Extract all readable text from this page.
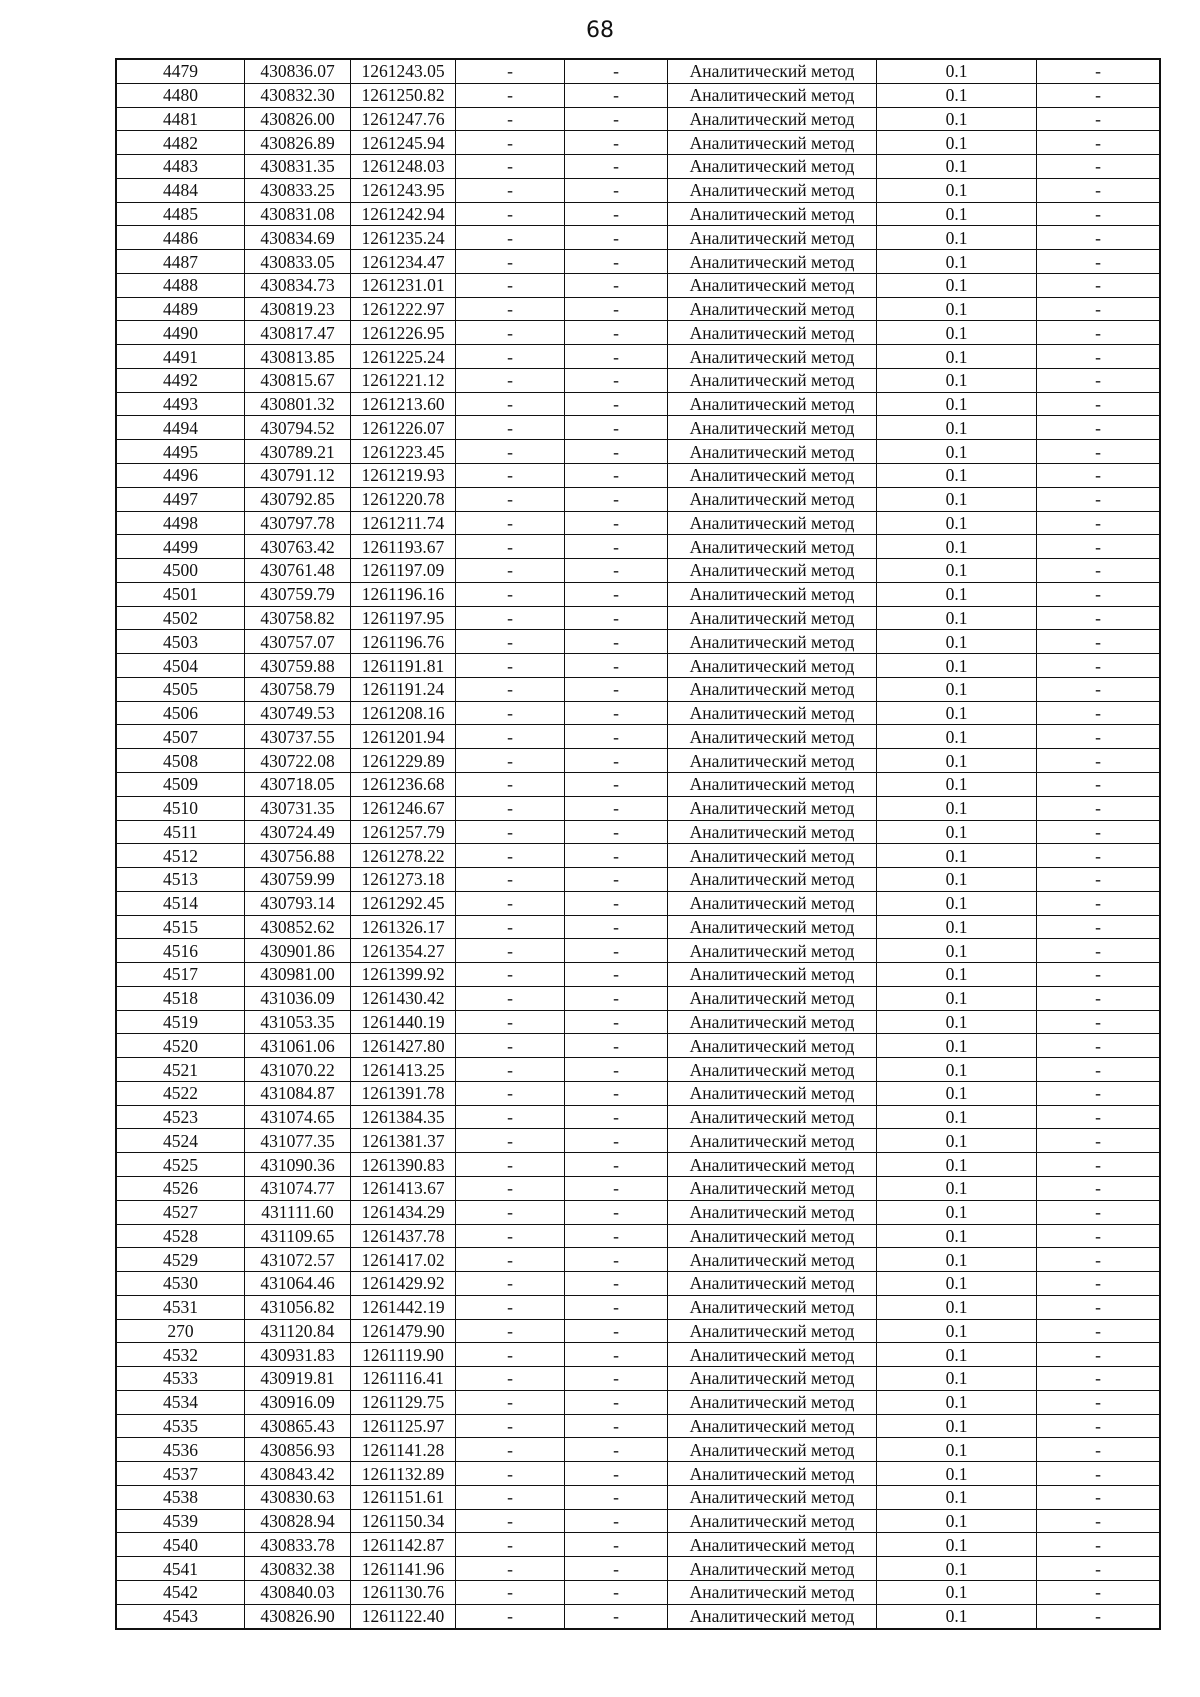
68
4479	430836.07	1261243.05	-	-	Аналитический метод	0.1	-
4480	430832.30	1261250.82	-	-	Аналитический метод	0.1	-
4481	430826.00	1261247.76	-	-	Аналитический метод	0.1	-
4482	430826.89	1261245.94	-	-	Аналитический метод	0.1	-
4483	430831.35	1261248.03	-	-	Аналитический метод	0.1	-
4484	430833.25	1261243.95	-	-	Аналитический метод	0.1	-
4485	430831.08	1261242.94	-	-	Аналитический метод	0.1	-
4486	430834.69	1261235.24	-	-	Аналитический метод	0.1	-
4487	430833.05	1261234.47	-	-	Аналитический метод	0.1	-
4488	430834.73	1261231.01	-	-	Аналитический метод	0.1	-
4489	430819.23	1261222.97	-	-	Аналитический метод	0.1	-
4490	430817.47	1261226.95	-	-	Аналитический метод	0.1	-
4491	430813.85	1261225.24	-	-	Аналитический метод	0.1	-
4492	430815.67	1261221.12	-	-	Аналитический метод	0.1	-
4493	430801.32	1261213.60	-	-	Аналитический метод	0.1	-
4494	430794.52	1261226.07	-	-	Аналитический метод	0.1	-
4495	430789.21	1261223.45	-	-	Аналитический метод	0.1	-
4496	430791.12	1261219.93	-	-	Аналитический метод	0.1	-
4497	430792.85	1261220.78	-	-	Аналитический метод	0.1	-
4498	430797.78	1261211.74	-	-	Аналитический метод	0.1	-
4499	430763.42	1261193.67	-	-	Аналитический метод	0.1	-
4500	430761.48	1261197.09	-	-	Аналитический метод	0.1	-
4501	430759.79	1261196.16	-	-	Аналитический метод	0.1	-
4502	430758.82	1261197.95	-	-	Аналитический метод	0.1	-
4503	430757.07	1261196.76	-	-	Аналитический метод	0.1	-
4504	430759.88	1261191.81	-	-	Аналитический метод	0.1	-
4505	430758.79	1261191.24	-	-	Аналитический метод	0.1	-
4506	430749.53	1261208.16	-	-	Аналитический метод	0.1	-
4507	430737.55	1261201.94	-	-	Аналитический метод	0.1	-
4508	430722.08	1261229.89	-	-	Аналитический метод	0.1	-
4509	430718.05	1261236.68	-	-	Аналитический метод	0.1	-
4510	430731.35	1261246.67	-	-	Аналитический метод	0.1	-
4511	430724.49	1261257.79	-	-	Аналитический метод	0.1	-
4512	430756.88	1261278.22	-	-	Аналитический метод	0.1	-
4513	430759.99	1261273.18	-	-	Аналитический метод	0.1	-
4514	430793.14	1261292.45	-	-	Аналитический метод	0.1	-
4515	430852.62	1261326.17	-	-	Аналитический метод	0.1	-
4516	430901.86	1261354.27	-	-	Аналитический метод	0.1	-
4517	430981.00	1261399.92	-	-	Аналитический метод	0.1	-
4518	431036.09	1261430.42	-	-	Аналитический метод	0.1	-
4519	431053.35	1261440.19	-	-	Аналитический метод	0.1	-
4520	431061.06	1261427.80	-	-	Аналитический метод	0.1	-
4521	431070.22	1261413.25	-	-	Аналитический метод	0.1	-
4522	431084.87	1261391.78	-	-	Аналитический метод	0.1	-
4523	431074.65	1261384.35	-	-	Аналитический метод	0.1	-
4524	431077.35	1261381.37	-	-	Аналитический метод	0.1	-
4525	431090.36	1261390.83	-	-	Аналитический метод	0.1	-
4526	431074.77	1261413.67	-	-	Аналитический метод	0.1	-
4527	431111.60	1261434.29	-	-	Аналитический метод	0.1	-
4528	431109.65	1261437.78	-	-	Аналитический метод	0.1	-
4529	431072.57	1261417.02	-	-	Аналитический метод	0.1	-
4530	431064.46	1261429.92	-	-	Аналитический метод	0.1	-
4531	431056.82	1261442.19	-	-	Аналитический метод	0.1	-
270	431120.84	1261479.90	-	-	Аналитический метод	0.1	-
4532	430931.83	1261119.90	-	-	Аналитический метод	0.1	-
4533	430919.81	1261116.41	-	-	Аналитический метод	0.1	-
4534	430916.09	1261129.75	-	-	Аналитический метод	0.1	-
4535	430865.43	1261125.97	-	-	Аналитический метод	0.1	-
4536	430856.93	1261141.28	-	-	Аналитический метод	0.1	-
4537	430843.42	1261132.89	-	-	Аналитический метод	0.1	-
4538	430830.63	1261151.61	-	-	Аналитический метод	0.1	-
4539	430828.94	1261150.34	-	-	Аналитический метод	0.1	-
4540	430833.78	1261142.87	-	-	Аналитический метод	0.1	-
4541	430832.38	1261141.96	-	-	Аналитический метод	0.1	-
4542	430840.03	1261130.76	-	-	Аналитический метод	0.1	-
4543	430826.90	1261122.40	-	-	Аналитический метод	0.1	-
